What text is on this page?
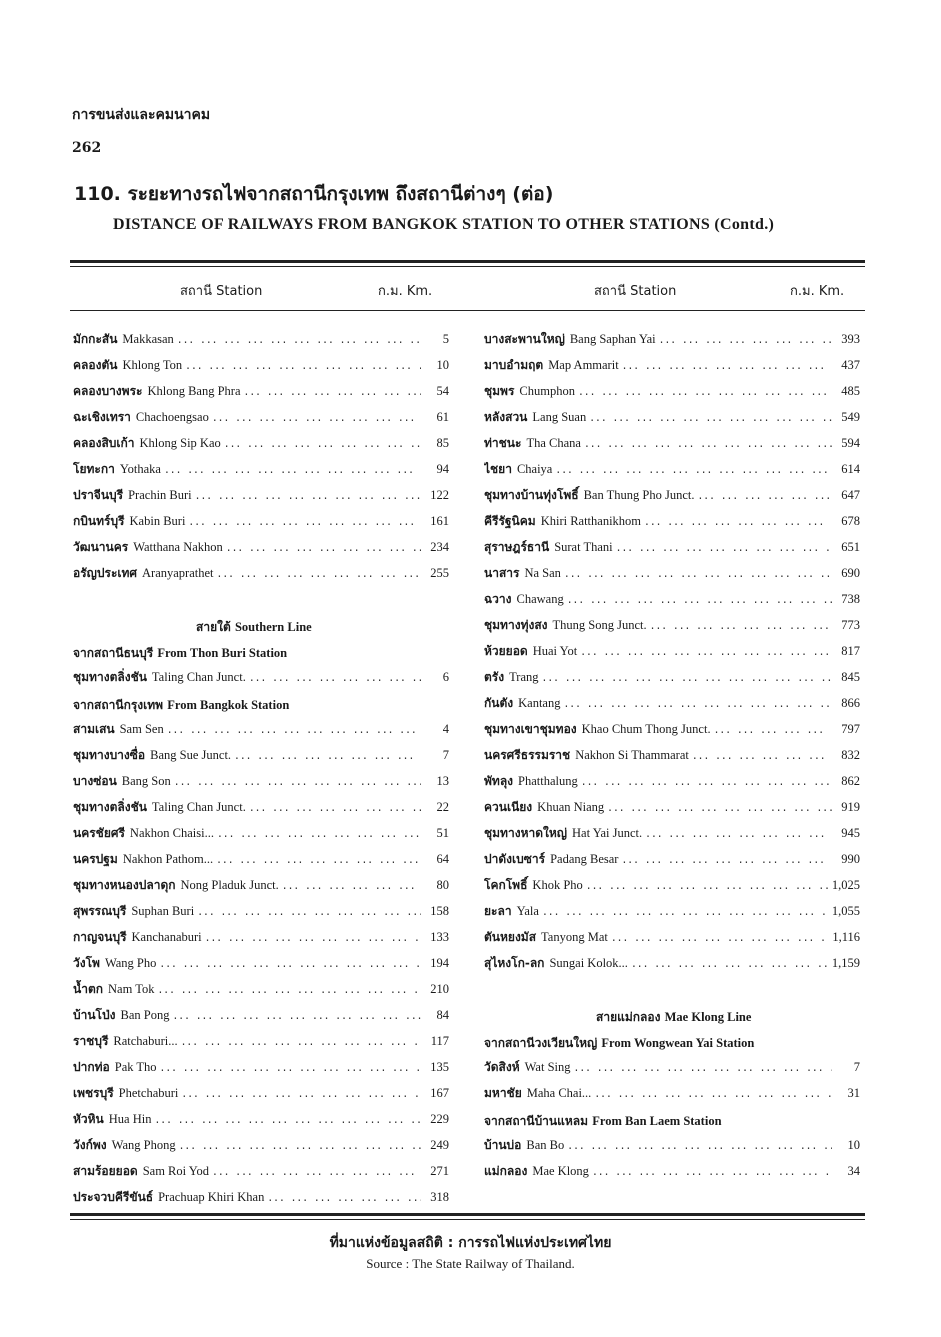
การขนส่งและคมนาคม
262
110. ระยะทางรถไฟจากสถานีกรุงเทพ ถึงสถานีต่างๆ (ต่อ)
DISTANCE OF RAILWAYS FROM BANGKOK STATION TO OTHER STATIONS (Contd.)
สถานี Station	ก.ม. Km.	สถานี Station	ก.ม. Km.
มักกะสัน Makkasan ... .	5
คลองตัน Khlong Ton ... .	10
คลองบางพระ Khlong Bang Phra ... .	54
ฉะเชิงเทรา Chachoengsao ... .	61
คลองสิบเก้า Khlong Sip Kao ... .	85
โยทะกา Yothaka ... .	94
ปราจีนบุรี Prachin Buri ... .	122
กบินทร์บุรี Kabin Buri ... .	161
วัฒนานคร Watthana Nakhon ... .	234
อรัญประเทศ Aranyaprathet ... .	255
สายใต้ Southern Line
จากสถานีธนบุรี From Thon Buri Station
ชุมทางตลิ่งชัน Taling Chan Junct. ... .	6
จากสถานีกรุงเทพ From Bangkok Station
สามเสน Sam Sen ... .	4
ชุมทางบางซื่อ Bang Sue Junct. ... .	7
บางซ่อน Bang Son ... .	13
ชุมทางตลิ่งชัน Taling Chan Junct. ... .	22
นครชัยศรี Nakhon Chaisi... ... .	51
นครปฐม Nakhon Pathom... ... .	64
ชุมทางหนองปลาดุก Nong Pladuk Junct. ... .	80
สุพรรณบุรี Suphan Buri ... .	158
กาญจนบุรี Kanchanaburi ... .	133
วังโพ Wang Pho ... .	194
น้ำตก Nam Tok ... .	210
บ้านโป่ง Ban Pong ... .	84
ราชบุรี Ratchaburi... ... .	117
ปากท่อ Pak Tho ... .	135
เพชรบุรี Phetchaburi ... .	167
หัวหิน Hua Hin ... .	229
วังก์พง Wang Phong ... .	249
สามร้อยยอด Sam Roi Yod ... .	271
ประจวบคีรีขันธ์ Prachuap Khiri Khan ... .	318
บางสะพานใหญ่ Bang Saphan Yai ... .	393
มาบอำมฤต Map Ammarit ... .	437
ชุมพร Chumphon ... .	485
หลังสวน Lang Suan ... .	549
ท่าชนะ Tha Chana ... .	594
ไชยา Chaiya ... .	614
ชุมทางบ้านทุ่งโพธิ์ Ban Thung Pho Junct. ... .	647
คีรีรัฐนิคม Khiri Ratthanikhom ... .	678
สุราษฎร์ธานี Surat Thani ... .	651
นาสาร Na San ... .	690
ฉวาง Chawang ... .	738
ชุมทางทุ่งสง Thung Song Junct. ... .	773
ห้วยยอด Huai Yot ... .	817
ตรัง Trang ... .	845
กันตัง Kantang ... .	866
ชุมทางเขาชุมทอง Khao Chum Thong Junct. ... .	797
นครศรีธรรมราช Nakhon Si Thammarat ... .	832
พัทลุง Phatthalung ... .	862
ควนเนียง Khuan Niang ... .	919
ชุมทางหาดใหญ่ Hat Yai Junct. ... .	945
ปาดังเบซาร์ Padang Besar ... .	990
โคกโพธิ์ Khok Pho ... .	1,025
ยะลา Yala ... .	1,055
ตันหยงมัส Tanyong Mat ... .	1,116
สุไหงโก-ลก Sungai Kolok... ... .	1,159
สายแม่กลอง Mae Klong Line
จากสถานีวงเวียนใหญ่ From Wongwean Yai Station
วัดสิงห์ Wat Sing ... .	7
มหาชัย Maha Chai... ... .	31
จากสถานีบ้านแหลม From Ban Laem Station
บ้านบ่อ Ban Bo ... .	10
แม่กลอง Mae Klong ... .	34
ที่มาแห่งข้อมูลสถิติ : การรถไฟแห่งประเทศไทย
Source : The State Railway of Thailand.
